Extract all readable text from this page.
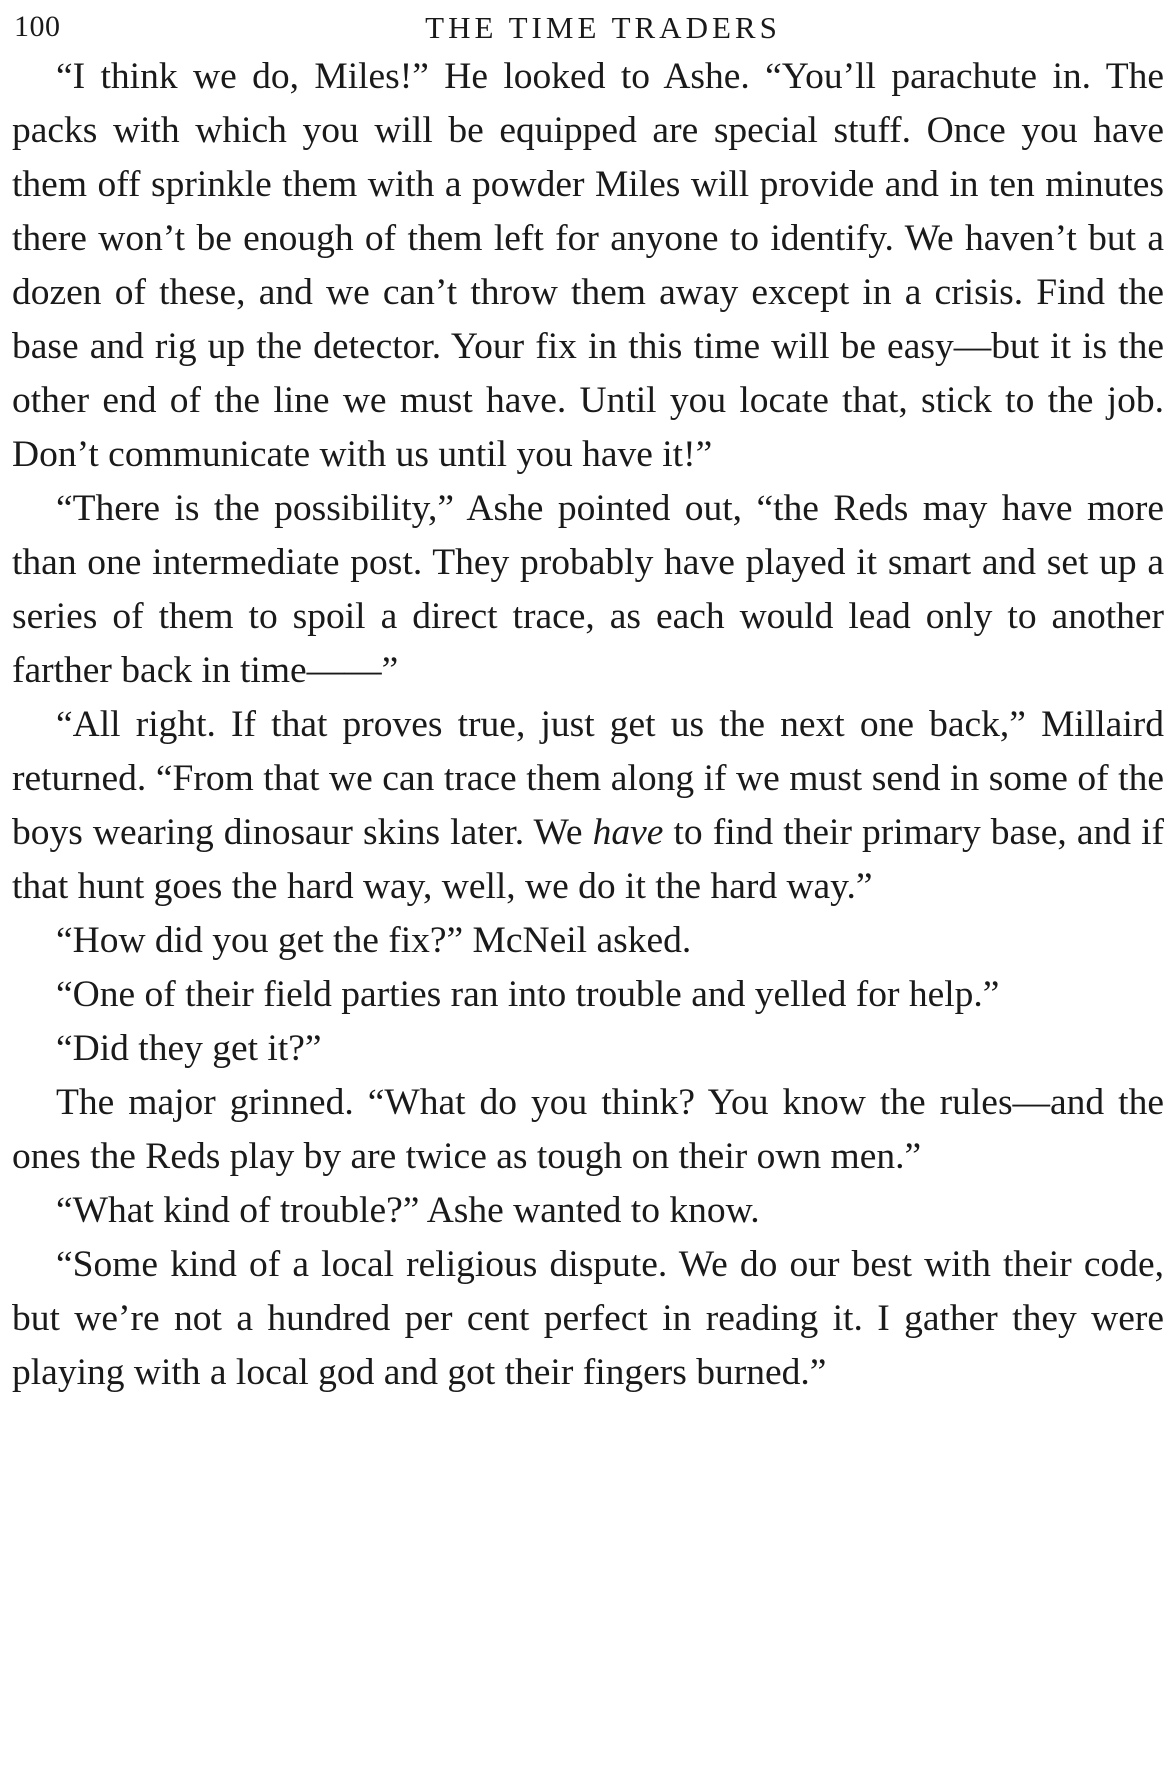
100	THE TIME TRADERS

“I think we do, Miles!” He looked to Ashe. “You’ll parachute in. The packs with which you will be equipped are special stuff. Once you have them off sprinkle them with a powder Miles will provide and in ten minutes there won’t be enough of them left for anyone to identify. We haven’t but a dozen of these, and we can’t throw them away except in a crisis. Find the base and rig up the detector. Your fix in this time will be easy—but it is the other end of the line we must have. Until you locate that, stick to the job. Don’t communicate with us until you have it!”

“There is the possibility,” Ashe pointed out, “the Reds may have more than one intermediate post. They probably have played it smart and set up a series of them to spoil a direct trace, as each would lead only to another farther back in time——”

“All right. If that proves true, just get us the next one back,” Millaird returned. “From that we can trace them along if we must send in some of the boys wearing dinosaur skins later. We have to find their primary base, and if that hunt goes the hard way, well, we do it the hard way.”

“How did you get the fix?” McNeil asked.

“One of their field parties ran into trouble and yelled for help.”

“Did they get it?”

The major grinned. “What do you think? You know the rules—and the ones the Reds play by are twice as tough on their own men.”

“What kind of trouble?” Ashe wanted to know.

“Some kind of a local religious dispute. We do our best with their code, but we’re not a hundred per cent perfect in reading it. I gather they were playing with a local god and got their fingers burned.”
